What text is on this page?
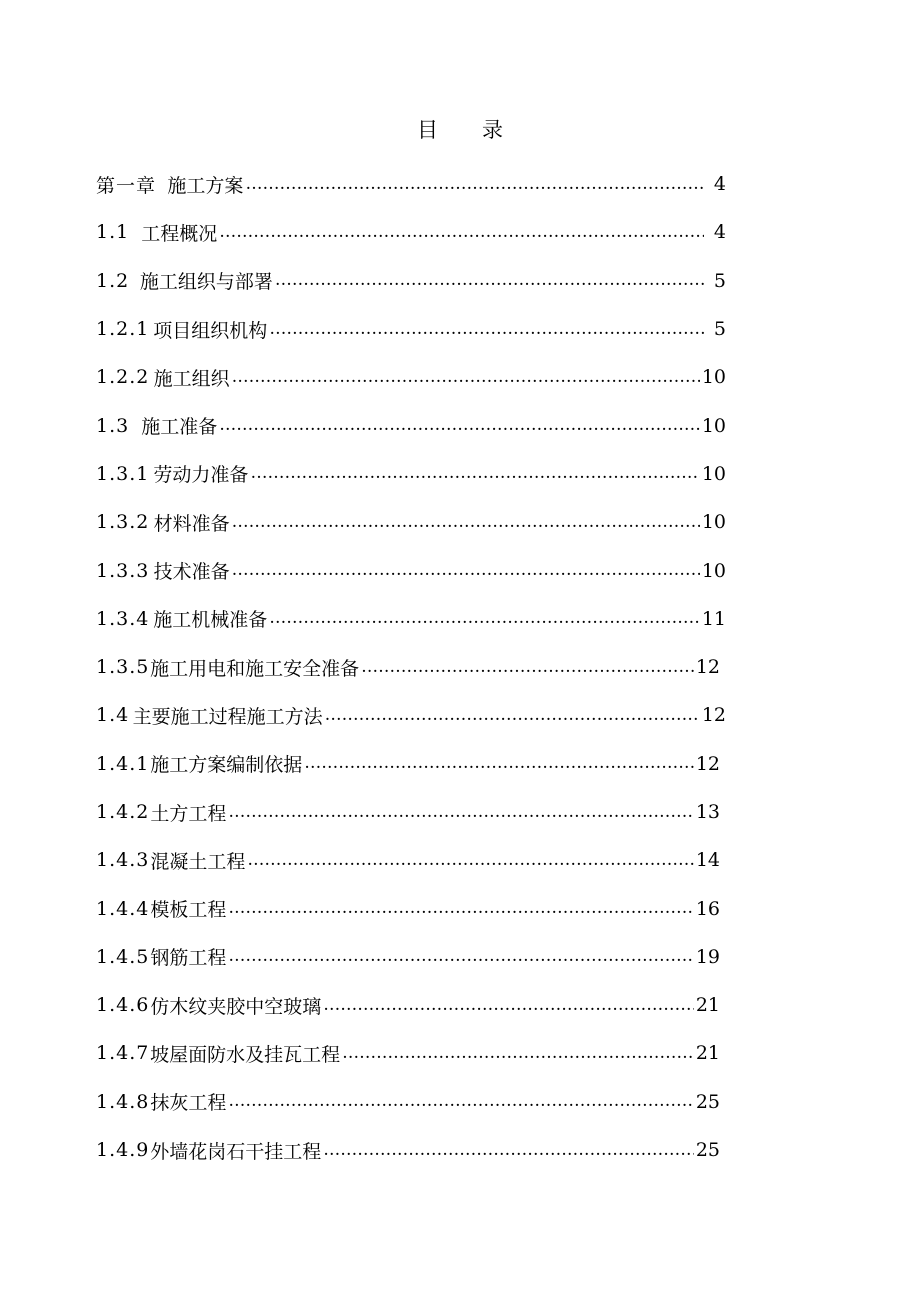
目 录
第一章 施工方案 …………………………………………………………………………………………………………………………………………	4
1.1 工程概况 …………………………………………………………………………………………………………………………………………	4
1.2 施工组织与部署 …………………………………………………………………………………………………………………………………………	5
1.2.1 项目组织机构 …………………………………………………………………………………………………………………………………………	5
1.2.2 施工组织 …………………………………………………………………………………………………………………………………………	10
1.3 施工准备 …………………………………………………………………………………………………………………………………………	10
1.3.1 劳动力准备 …………………………………………………………………………………………………………………………………………	10
1.3.2 材料准备 …………………………………………………………………………………………………………………………………………	10
1.3.3 技术准备 …………………………………………………………………………………………………………………………………………	10
1.3.4 施工机械准备 …………………………………………………………………………………………………………………………………………	11
1.3.5 施工用电和施工安全准备 …………………………………………………………………………………………………………………………………………	12
1.4 主要施工过程施工方法 …………………………………………………………………………………………………………………………………………	12
1.4.1 施工方案编制依据 …………………………………………………………………………………………………………………………………………	12
1.4.2 土方工程 …………………………………………………………………………………………………………………………………………	13
1.4.3 混凝土工程 …………………………………………………………………………………………………………………………………………	14
1.4.4 模板工程 …………………………………………………………………………………………………………………………………………	16
1.4.5 钢筋工程 …………………………………………………………………………………………………………………………………………	19
1.4.6 仿木纹夹胶中空玻璃 …………………………………………………………………………………………………………………………………………	21
1.4.7 坡屋面防水及挂瓦工程 …………………………………………………………………………………………………………………………………………	21
1.4.8 抹灰工程 …………………………………………………………………………………………………………………………………………	25
1.4.9 外墙花岗石干挂工程 …………………………………………………………………………………………………………………………………………	25
